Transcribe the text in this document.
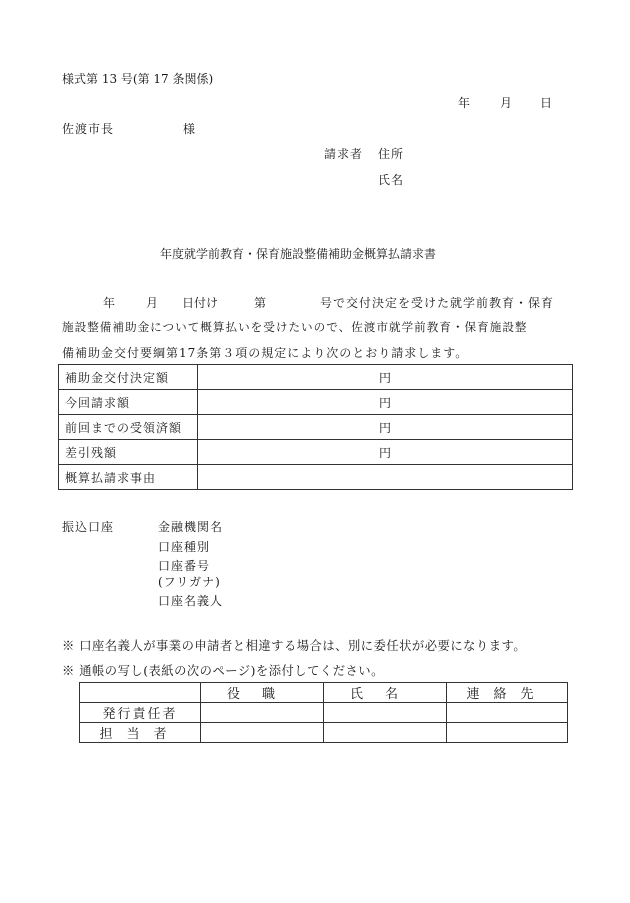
様式第 13 号(第 17 条関係)
年 月 日
佐渡市長	様
請求者 住所
氏名
年度就学前教育・保育施設整備補助金概算払請求書
年	月 日付け	第	号で交付決定を受けた就学前教育・保育
施設整備補助金について概算払いを受けたいので、佐渡市就学前教育・保育施設整
備補助金交付要綱第17条第３項の規定により次のとおり請求します。
補助金交付決定額	円
今回請求額	円
前回までの受領済額	円
差引残額	円
概算払請求事由	
振込口座	金融機関名
口座種別
口座番号
(フリガナ)
口座名義人
※ 口座名義人が事業の申請者と相違する場合は、別に委任状が必要になります。
※ 通帳の写し(表紙の次のページ)を添付してください。
	役職	氏名	連絡先
発行責任者			
担当者			
